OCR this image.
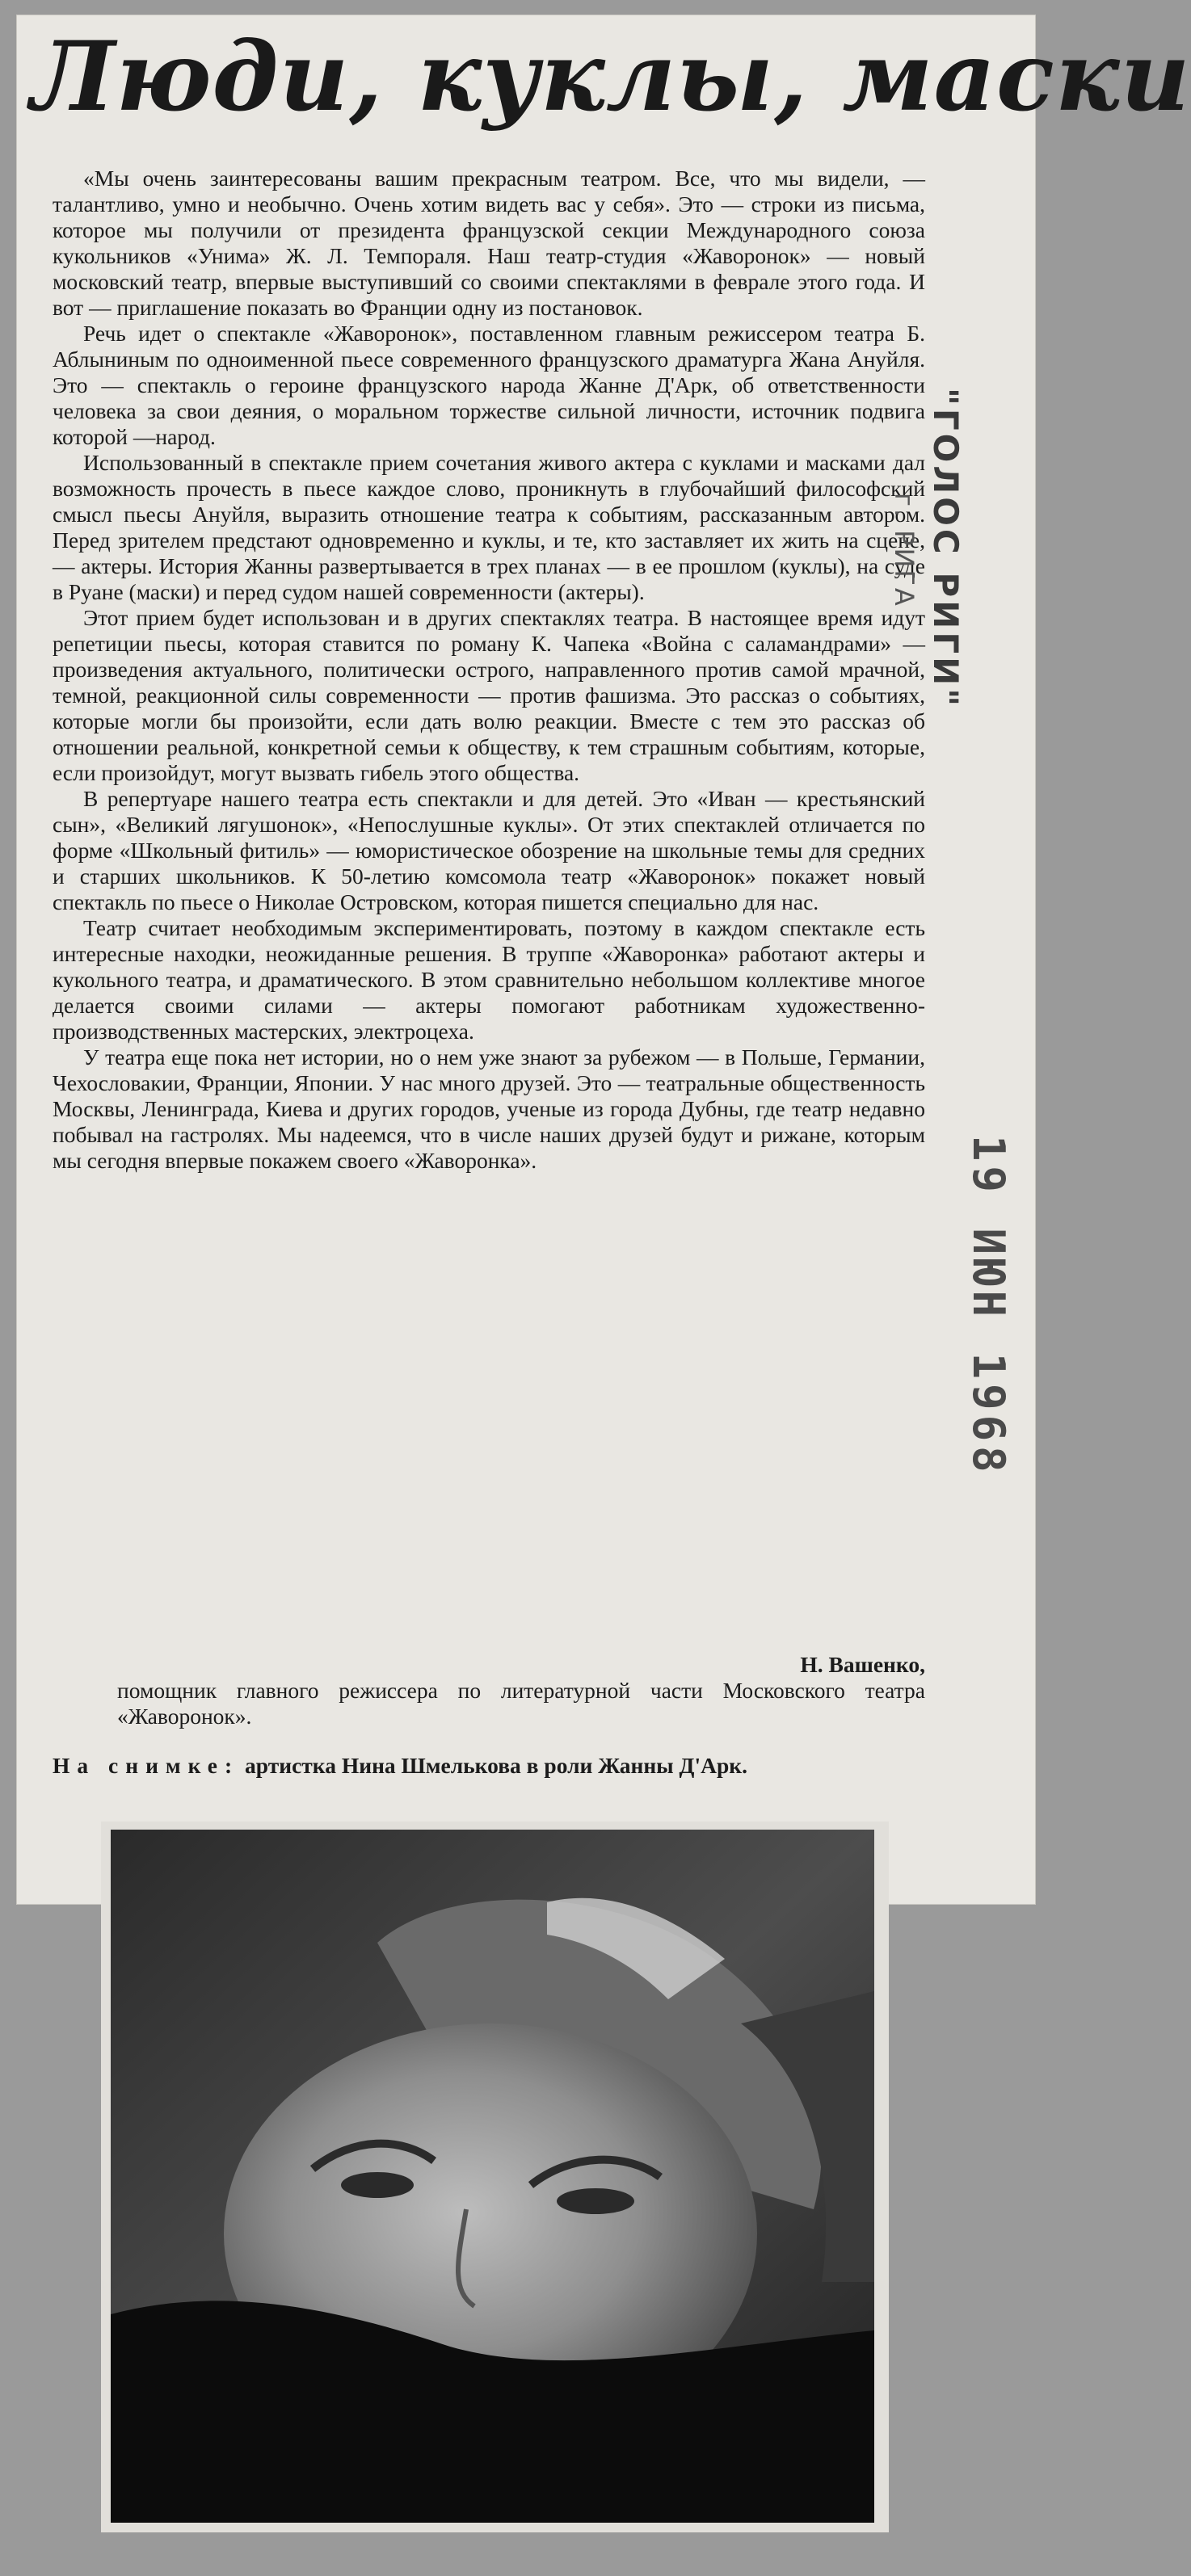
Люди, куклы, маски

«Мы очень заинтересованы вашим прекрасным театром. Все, что мы видели, — талантливо, умно и необычно. Очень хотим видеть вас у себя». Это — строки из письма, которое мы получили от президента французской секции Международного союза кукольников «Унима» Ж. Л. Темпораля. Наш театр-студия «Жаворонок» — новый московский театр, впервые выступивший со своими спектаклями в феврале этого года. И вот — приглашение показать во Франции одну из постановок.

Речь идет о спектакле «Жаворонок», поставленном главным режиссером театра Б. Аблыниным по одноименной пьесе современного французского драматурга Жана Ануйля. Это — спектакль о героине французского народа Жанне Д'Арк, об ответственности человека за свои деяния, о моральном торжестве сильной личности, источник подвига которой —народ.

Использованный в спектакле прием сочетания живого актера с куклами и масками дал возможность прочесть в пьесе каждое слово, проникнуть в глубочайший философский смысл пьесы Ануйля, выразить отношение театра к событиям, рассказанным автором. Перед зрителем предстают одновременно и куклы, и те, кто заставляет их жить на сцене, — актеры. История Жанны развертывается в трех планах — в ее прошлом (куклы), на суде в Руане (маски) и перед судом нашей современности (актеры).

Этот прием будет использован и в других спектаклях театра. В настоящее время идут репетиции пьесы, которая ставится по роману К. Чапека «Война с саламандрами» — произведения актуального, политически острого, направленного против самой мрачной, темной, реакционной силы современности — против фашизма. Это рассказ о событиях, которые могли бы произойти, если дать волю реакции. Вместе с тем это рассказ об отношении реальной, конкретной семьи к обществу, к тем страшным событиям, которые, если произойдут, могут вызвать гибель этого общества.

В репертуаре нашего театра есть спектакли и для детей. Это «Иван — крестьянский сын», «Великий лягушонок», «Непослушные куклы». От этих спектаклей отличается по форме «Школьный фитиль» — юмористическое обозрение на школьные темы для средних и старших школьников. К 50-летию комсомола театр «Жаворонок» покажет новый спектакль по пьесе о Николае Островском, которая пишется специально для нас.

Театр считает необходимым экспериментировать, поэтому в каждом спектакле есть интересные находки, неожиданные решения. В труппе «Жаворонка» работают актеры и кукольного театра, и драматического. В этом сравнительно небольшом коллективе многое делается своими силами — актеры помогают работникам художественно-производственных мастерских, электроцеха.

У театра еще пока нет истории, но о нем уже знают за рубежом — в Польше, Германии, Чехословакии, Франции, Японии. У нас много друзей. Это — театральные общественность Москвы, Ленинграда, Киева и других городов, ученые из города Дубны, где театр недавно побывал на гастролях. Мы надеемся, что в числе наших друзей будут и рижане, которым мы сегодня впервые покажем своего «Жаворонка».

Н. Вашенко,

помощник главного режиссера по литературной части Московского театра «Жаворонок».

На снимке: артистка Нина Шмелькова в роли Жанны Д'Арк.

"ГОЛОС РИГИ"
г. РИГА
19 ИЮН 1968
